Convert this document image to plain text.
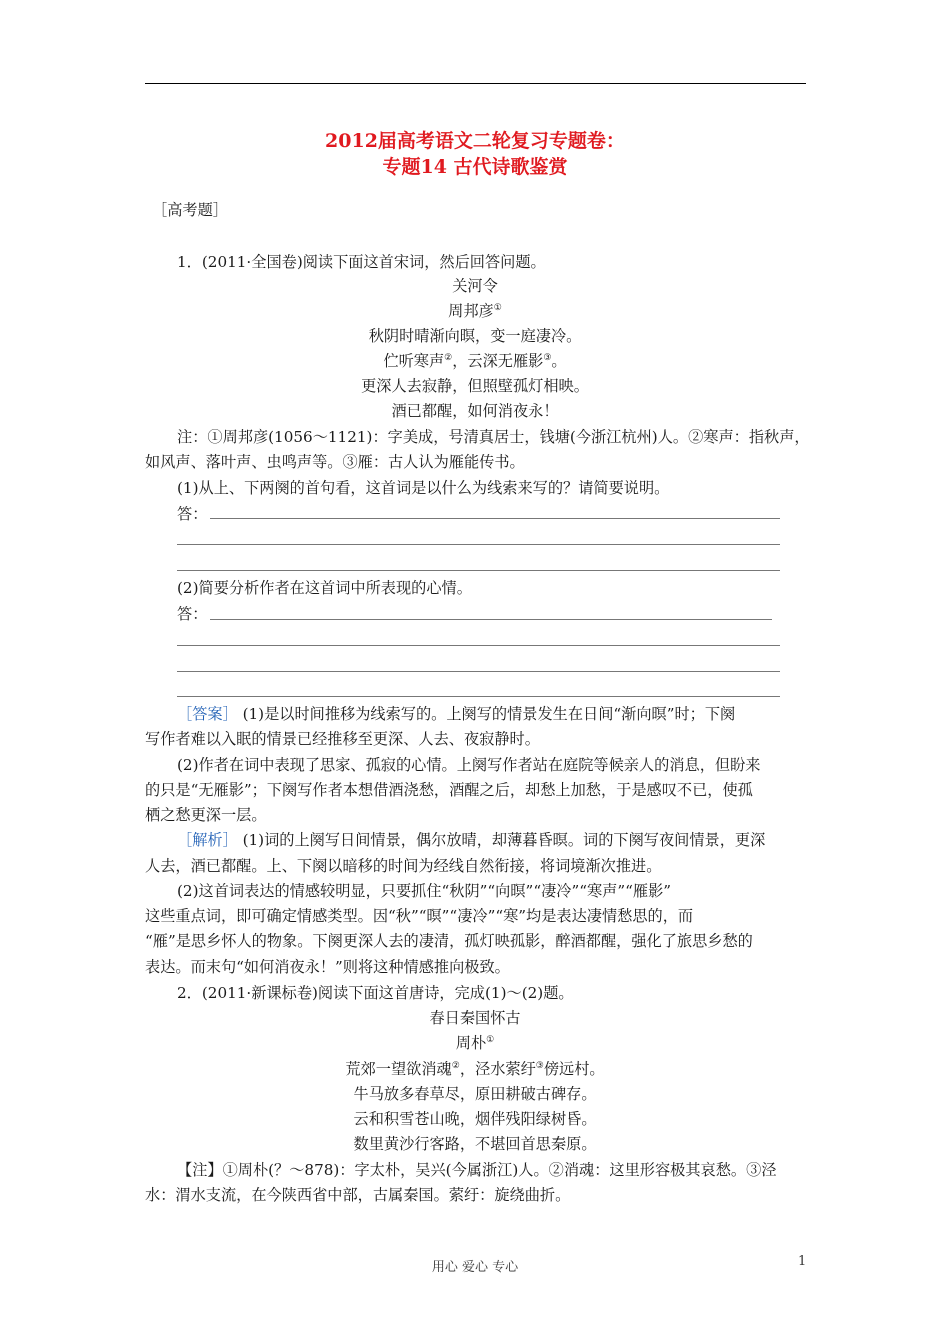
2012届高考语文二轮复习专题卷：
专题14 古代诗歌鉴赏
［高考题］
1．(2011·全国卷)阅读下面这首宋词，然后回答问题。
关河令
周邦彦①
秋阴时晴渐向暝，变一庭凄冷。
伫听寒声②，云深无雁影③。
更深人去寂静，但照壁孤灯相映。
酒已都醒，如何消夜永！
注：①周邦彦(1056～1121)：字美成，号清真居士，钱塘(今浙江杭州)人。②寒声：指秋声，
如风声、落叶声、虫鸣声等。③雁：古人认为雁能传书。
(1)从上、下两阕的首句看，这首词是以什么为线索来写的？请简要说明。
答：
(2)简要分析作者在这首词中所表现的心情。
答：
［答案］ (1)是以时间推移为线索写的。上阕写的情景发生在日间“渐向暝”时；下阕
写作者难以入眠的情景已经推移至更深、人去、夜寂静时。
(2)作者在词中表现了思家、孤寂的心情。上阕写作者站在庭院等候亲人的消息，但盼来
的只是“无雁影”；下阕写作者本想借酒浇愁，酒醒之后，却愁上加愁，于是感叹不已，使孤
栖之愁更深一层。
［解析］ (1)词的上阕写日间情景，偶尔放晴，却薄暮昏暝。词的下阕写夜间情景，更深
人去，酒已都醒。上、下阕以暗移的时间为经线自然衔接，将词境渐次推进。
(2)这首词表达的情感较明显，只要抓住“秋阴”“向暝”“凄冷”“寒声”“雁影”
这些重点词，即可确定情感类型。因“秋”“暝”“凄冷”“寒”均是表达凄情愁思的，而
“雁”是思乡怀人的物象。下阕更深人去的凄清，孤灯映孤影，醉酒都醒，强化了旅思乡愁的
表达。而末句“如何消夜永！”则将这种情感推向极致。
2．(2011·新课标卷)阅读下面这首唐诗，完成(1)～(2)题。
春日秦国怀古
周朴①
荒郊一望欲消魂②，泾水萦纡③傍远村。
牛马放多春草尽，原田耕破古碑存。
云和积雪苍山晚，烟伴残阳绿树昏。
数里黄沙行客路，不堪回首思秦原。
【注】①周朴(？～878)：字太朴，吴兴(今属浙江)人。②消魂：这里形容极其哀愁。③泾
水：渭水支流，在今陕西省中部，古属秦国。萦纡：旋绕曲折。
用心 爱心 专心	1
